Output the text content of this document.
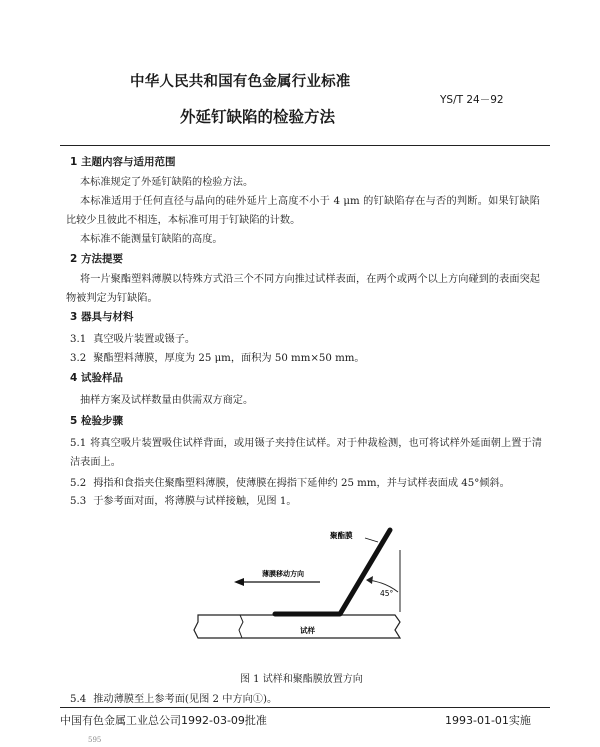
中华人民共和国有色金属行业标准
YS/T 24－92
外延钉缺陷的检验方法
1 主题内容与适用范围
本标准规定了外延钉缺陷的检验方法。
本标准适用于任何直径与晶向的硅外延片上高度不小于 4 μm 的钉缺陷存在与否的判断。如果钉缺陷比较少且彼此不相连，本标准可用于钉缺陷的计数。
本标准不能测量钉缺陷的高度。
2 方法提要
将一片聚酯塑料薄膜以特殊方式沿三个不同方向推过试样表面，在两个或两个以上方向碰到的表面突起物被判定为钉缺陷。
3 器具与材料
3.1 真空吸片装置或镊子。
3.2 聚酯塑料薄膜，厚度为 25 μm，面积为 50 mm×50 mm。
4 试验样品
抽样方案及试样数量由供需双方商定。
5 检验步骤
5.1 将真空吸片装置吸住试样背面，或用镊子夹持住试样。对于仲裁检测，也可将试样外延面朝上置于清洁表面上。
5.2 拇指和食指夹住聚酯塑料薄膜，使薄膜在拇指下延伸约 25 mm，并与试样表面成 45°倾斜。
5.3 于参考面对面，将薄膜与试样接触，见图 1。
聚酯膜
薄膜移动方向
45°
试样
图 1 试样和聚酯膜放置方向
5.4 推动薄膜至上参考面(见图 2 中方向①)。
中国有色金属工业总公司1992-03-09批准	1993-01-01实施
595
